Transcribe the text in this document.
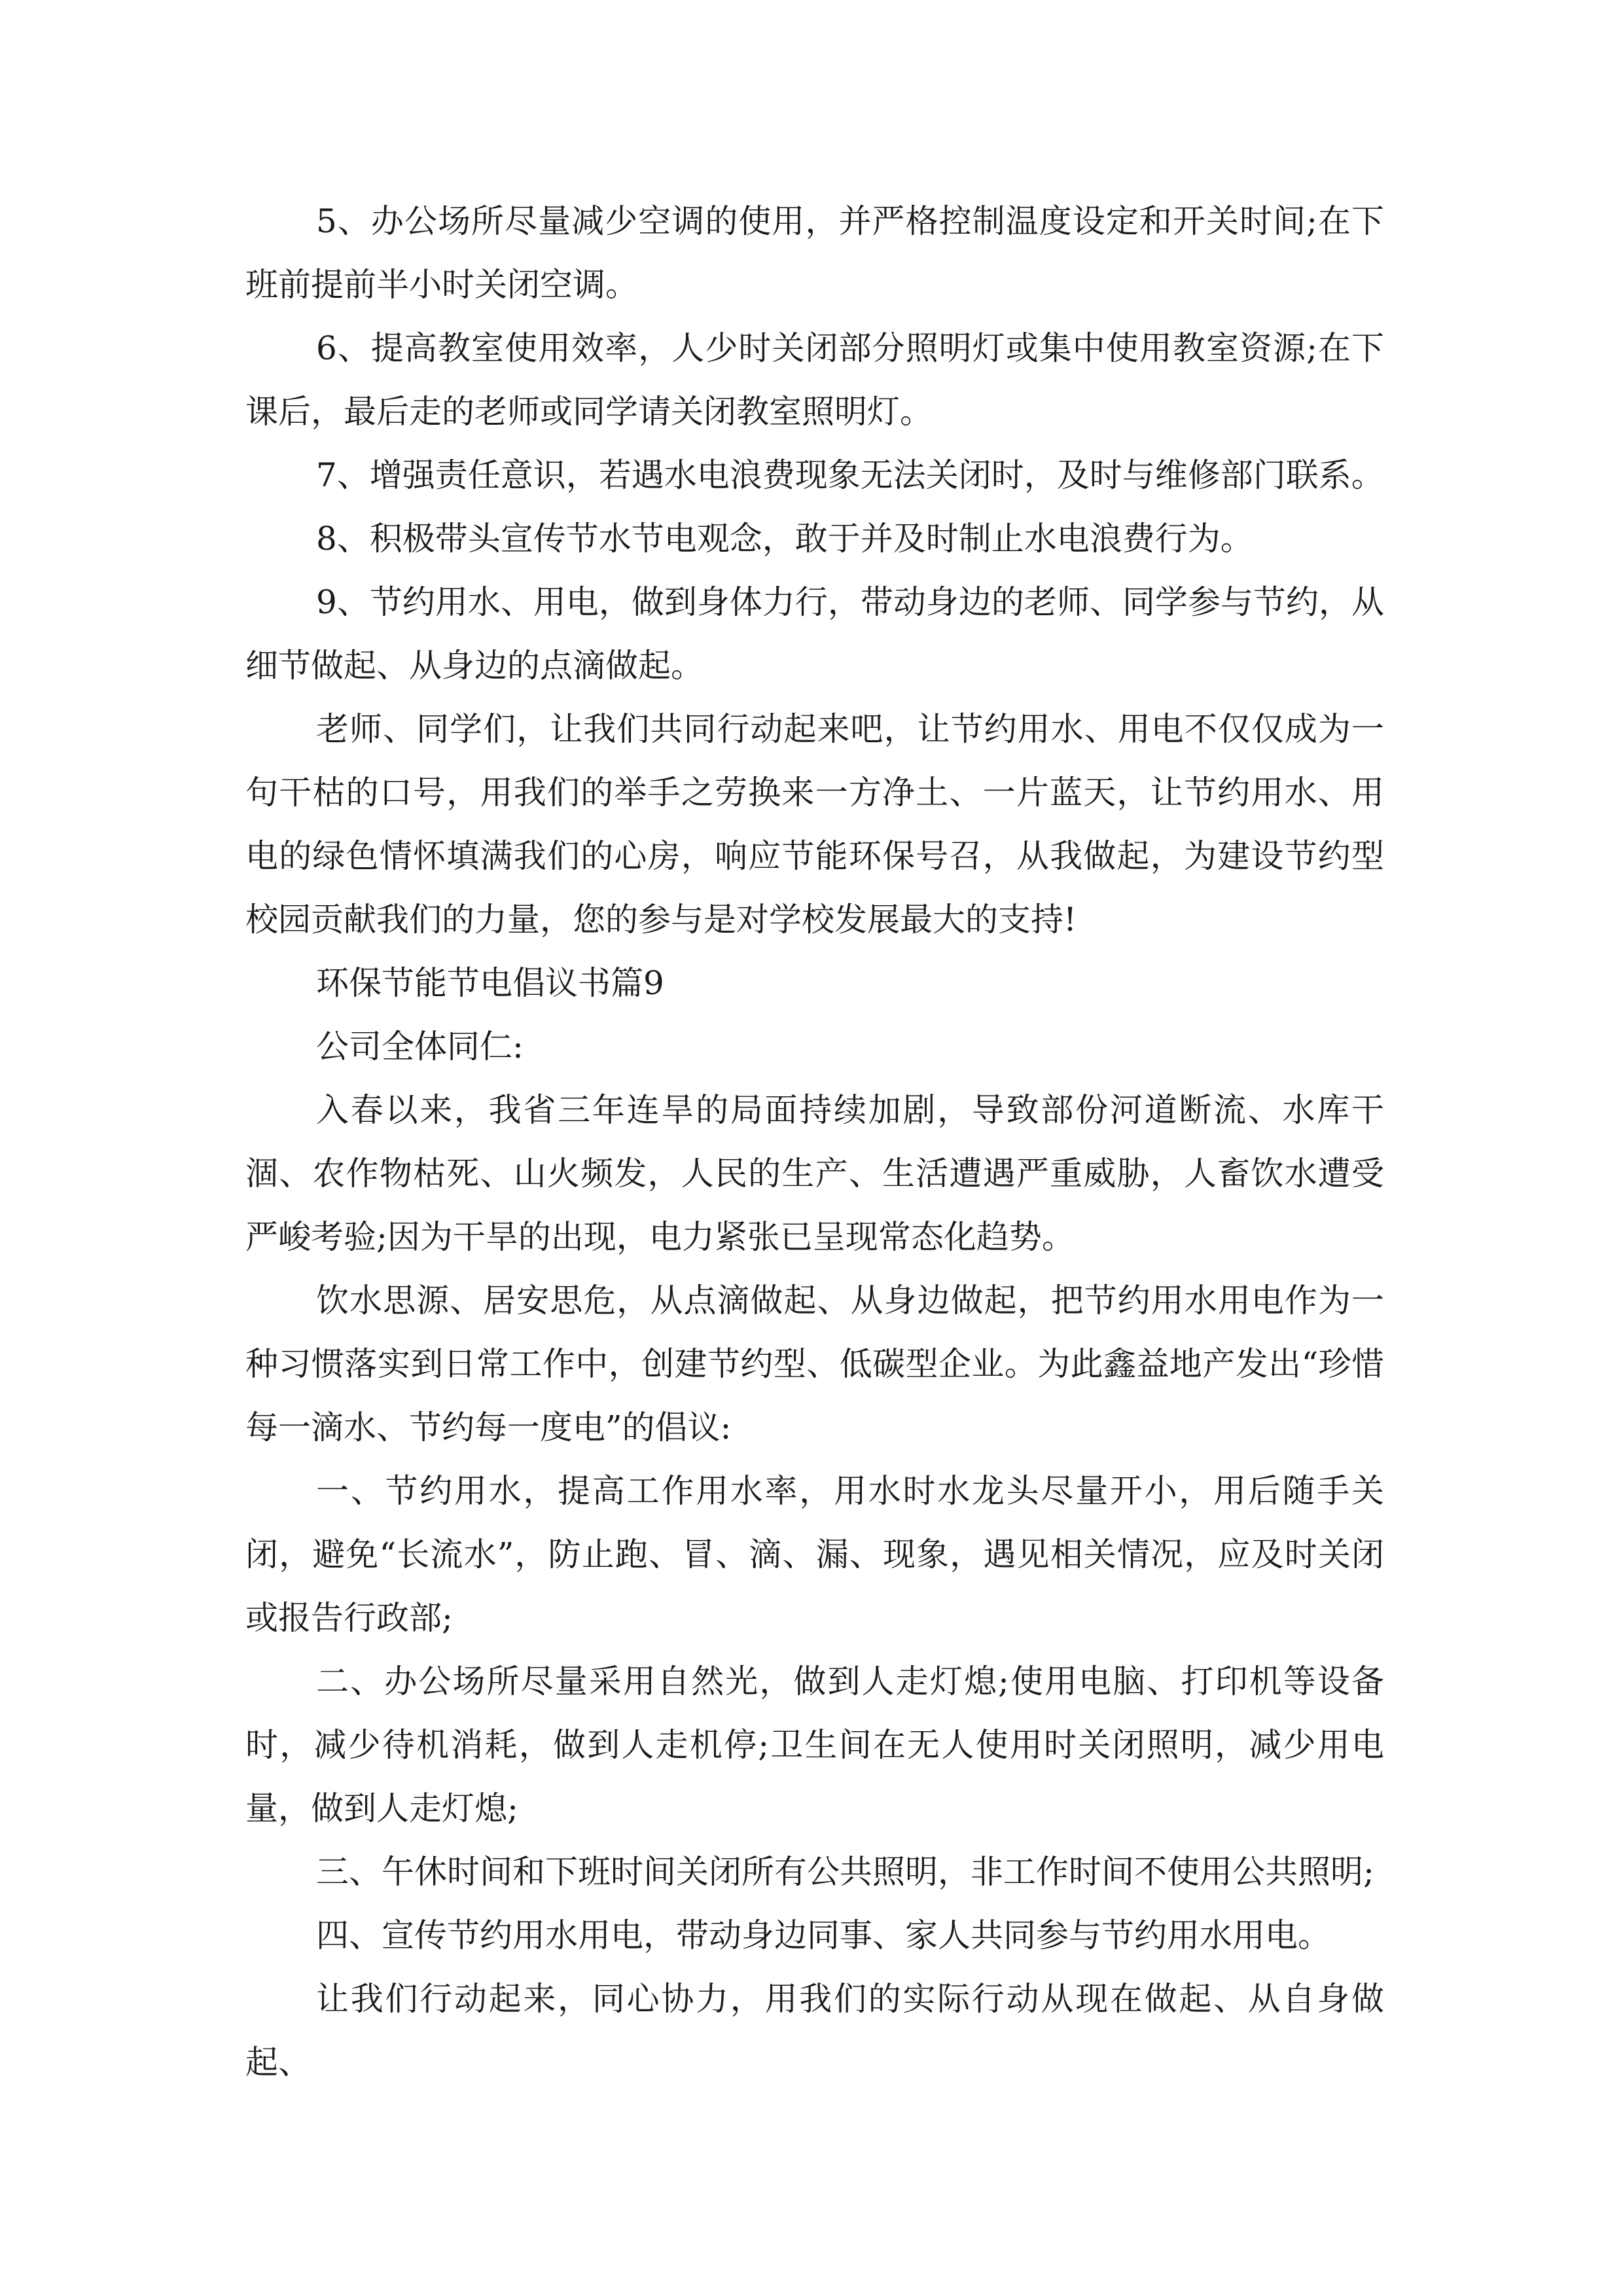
5、办公场所尽量减少空调的使用，并严格控制温度设定和开关时间;在下班前提前半小时关闭空调。

6、提高教室使用效率，人少时关闭部分照明灯或集中使用教室资源;在下课后，最后走的老师或同学请关闭教室照明灯。

7、增强责任意识，若遇水电浪费现象无法关闭时，及时与维修部门联系。

8、积极带头宣传节水节电观念，敢于并及时制止水电浪费行为。

9、节约用水、用电，做到身体力行，带动身边的老师、同学参与节约，从细节做起、从身边的点滴做起。

老师、同学们，让我们共同行动起来吧，让节约用水、用电不仅仅成为一句干枯的口号，用我们的举手之劳换来一方净土、一片蓝天，让节约用水、用电的绿色情怀填满我们的心房，响应节能环保号召，从我做起，为建设节约型校园贡献我们的力量，您的参与是对学校发展最大的支持!

环保节能节电倡议书篇9

公司全体同仁:

入春以来，我省三年连旱的局面持续加剧，导致部份河道断流、水库干涸、农作物枯死、山火频发，人民的生产、生活遭遇严重威胁，人畜饮水遭受严峻考验;因为干旱的出现，电力紧张已呈现常态化趋势。

饮水思源、居安思危，从点滴做起、从身边做起，把节约用水用电作为一种习惯落实到日常工作中，创建节约型、低碳型企业。为此鑫益地产发出“珍惜每一滴水、节约每一度电”的倡议:

一、节约用水，提高工作用水率，用水时水龙头尽量开小，用后随手关闭，避免“长流水”，防止跑、冒、滴、漏、现象，遇见相关情况，应及时关闭或报告行政部;

二、办公场所尽量采用自然光，做到人走灯熄;使用电脑、打印机等设备时，减少待机消耗，做到人走机停;卫生间在无人使用时关闭照明，减少用电量，做到人走灯熄;

三、午休时间和下班时间关闭所有公共照明，非工作时间不使用公共照明;

四、宣传节约用水用电，带动身边同事、家人共同参与节约用水用电。

让我们行动起来，同心协力，用我们的实际行动从现在做起、从自身做起、
